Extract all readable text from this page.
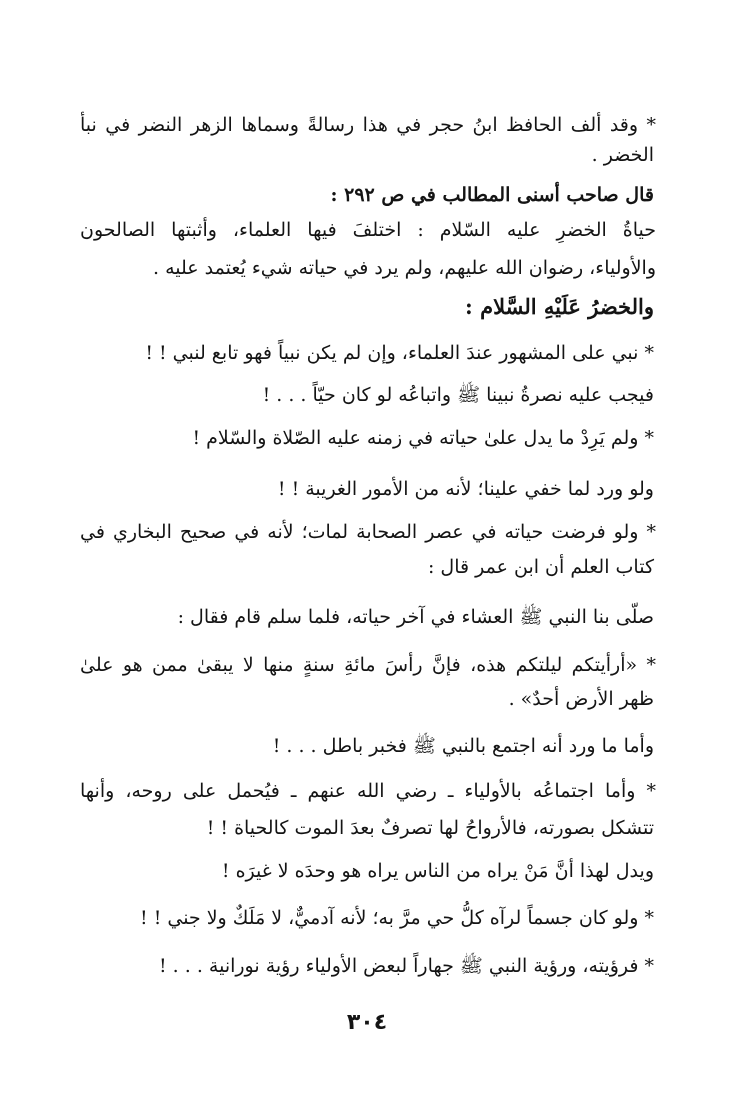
* وقد ألف الحافظ ابنُ حجر في هذا رسالةً وسماها الزهر النضر في نبأ
الخضر .
قال صاحب أسنى المطالب في ص ٢٩٢ :
حياةُ الخضرِ عليه السّلام : اختلفَ فيها العلماء، وأثبتها الصالحون
والأولياء، رضوان الله عليهم، ولم يرد في حياته شيء يُعتمد عليه .
والخضرُ عَلَيْهِ السَّلام :
* نبي على المشهور عندَ العلماء، وإن لم يكن نبياً فهو تابع لنبي ! !
فيجب عليه نصرةُ نبينا ﷺ واتباعُه لو كان حيّاً . . . !
* ولم يَرِدْ ما يدل علىٰ حياته في زمنه عليه الصّلاة والسّلام !
ولو ورد لما خفي علينا؛ لأنه من الأمور الغريبة ! !
* ولو فرضت حياته في عصر الصحابة لمات؛ لأنه في صحيح البخاري في
كتاب العلم أن ابن عمر قال :
صلّى بنا النبي ﷺ العشاء في آخر حياته، فلما سلم قام فقال :
* «أرأيتكم ليلتكم هذه، فإنَّ رأسَ مائةِ سنةٍ منها لا يبقىٰ ممن هو علىٰ
ظهر الأرض أحدٌ» .
وأما ما ورد أنه اجتمع بالنبي ﷺ فخبر باطل . . . !
* وأما اجتماعُه بالأولياء ـ رضي الله عنهم ـ فيُحمل على روحه، وأنها
تتشكل بصورته، فالأرواحُ لها تصرفٌ بعدَ الموت كالحياة ! !
ويدل لهذا أنَّ مَنْ يراه من الناس يراه هو وحدَه لا غيرَه !
* ولو كان جسماً لرآه كلُّ حي مرَّ به؛ لأنه آدميٌّ، لا مَلَكٌ ولا جني ! !
* فرؤيته، ورؤية النبي ﷺ جهاراً لبعض الأولياء رؤية نورانية . . . !
٣٠٤
